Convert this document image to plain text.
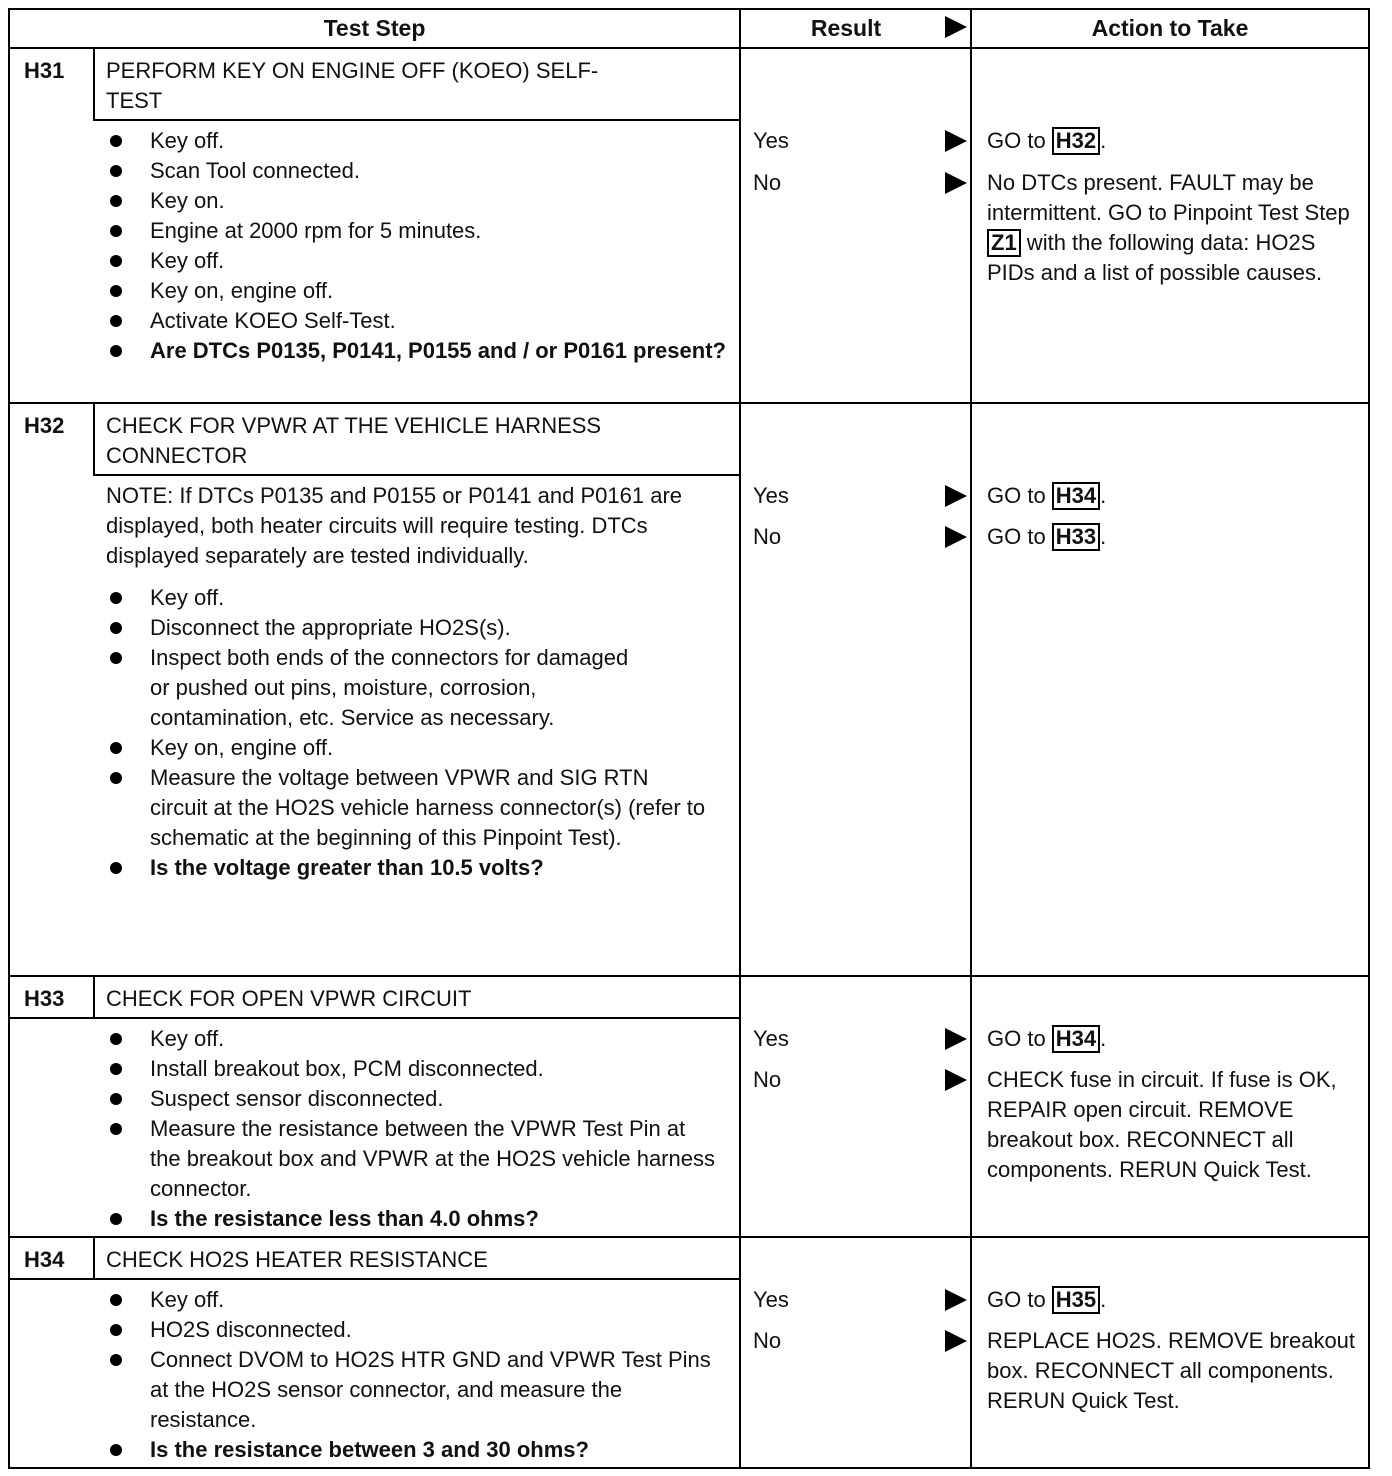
Test Step	Result	Action to Take
H31 PERFORM KEY ON ENGINE OFF (KOEO) SELF-TEST
Key off.
Scan Tool connected.
Key on.
Engine at 2000 rpm for 5 minutes.
Key off.
Key on, engine off.
Activate KOEO Self-Test.
Are DTCs P0135, P0141, P0155 and / or P0161 present?
Yes
No
GO to H32 .
No DTCs present. FAULT may be intermittent. GO to Pinpoint Test Step Z1 with the following data: HO2S PIDs and a list of possible causes.
H32 CHECK FOR VPWR AT THE VEHICLE HARNESS CONNECTOR

NOTE: If DTCs P0135 and P0155 or P0141 and P0161 are displayed, both heater circuits will require testing. DTCs displayed separately are tested individually.

Key off.
Disconnect the appropriate HO2S(s).
Inspect both ends of the connectors for damaged or pushed out pins, moisture, corrosion, contamination, etc. Service as necessary.
Key on, engine off.
Measure the voltage between VPWR and SIG RTN circuit at the HO2S vehicle harness connector(s) (refer to schematic at the beginning of this Pinpoint Test).
Is the voltage greater than 10.5 volts?
Yes
No
GO to H34 .
GO to H33 .
H33 CHECK FOR OPEN VPWR CIRCUIT
Key off.
Install breakout box, PCM disconnected.
Suspect sensor disconnected.
Measure the resistance between the VPWR Test Pin at the breakout box and VPWR at the HO2S vehicle harness connector.
Is the resistance less than 4.0 ohms?
Yes
No
GO to H34 .
CHECK fuse in circuit. If fuse is OK, REPAIR open circuit. REMOVE breakout box. RECONNECT all components. RERUN Quick Test.
H34 CHECK HO2S HEATER RESISTANCE
Key off.
HO2S disconnected.
Connect DVOM to HO2S HTR GND and VPWR Test Pins at the HO2S sensor connector, and measure the resistance.
Is the resistance between 3 and 30 ohms?
Yes
No
GO to H35 .
REPLACE HO2S. REMOVE breakout box. RECONNECT all components. RERUN Quick Test.
